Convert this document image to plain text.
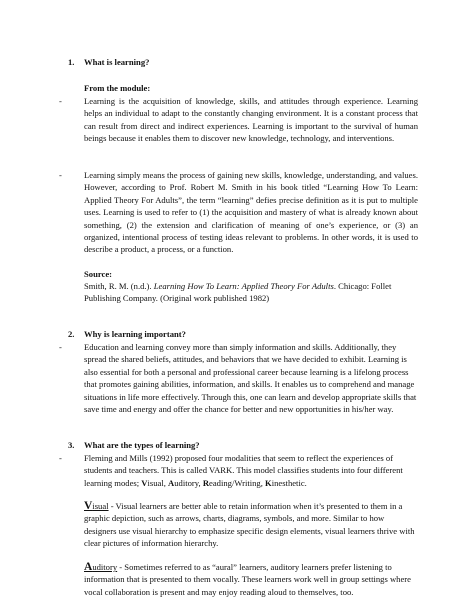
1. What is learning?
From the module:
-	Learning is the acquisition of knowledge, skills, and attitudes through experience. Learning helps an individual to adapt to the constantly changing environment. It is a constant process that can result from direct and indirect experiences. Learning is important to the survival of human beings because it enables them to discover new knowledge, technology, and interventions.
-	Learning simply means the process of gaining new skills, knowledge, understanding, and values. However, according to Prof. Robert M. Smith in his book titled “Learning How To Learn: Applied Theory For Adults”, the term “learning” defies precise definition as it is put to multiple uses. Learning is used to refer to (1) the acquisition and mastery of what is already known about something, (2) the extension and clarification of meaning of one’s experience, or (3) an organized, intentional process of testing ideas relevant to problems. In other words, it is used to describe a product, a process, or a function.
Source:
Smith, R. M. (n.d.). Learning How To Learn: Applied Theory For Adults. Chicago: Follet Publishing Company. (Original work published 1982)
2. Why is learning important?
-	Education and learning convey more than simply information and skills. Additionally, they spread the shared beliefs, attitudes, and behaviors that we have decided to exhibit. Learning is also essential for both a personal and professional career because learning is a lifelong process that promotes gaining abilities, information, and skills. It enables us to comprehend and manage situations in life more effectively. Through this, one can learn and develop appropriate skills that save time and energy and offer the chance for better and new opportunities in his/her way.
3. What are the types of learning?
-	Fleming and Mills (1992) proposed four modalities that seem to reflect the experiences of students and teachers. This is called VARK. This model classifies students into four different learning modes; Visual, Auditory, Reading/Writing, Kinesthetic.
Visual - Visual learners are better able to retain information when it’s presented to them in a graphic depiction, such as arrows, charts, diagrams, symbols, and more. Similar to how designers use visual hierarchy to emphasize specific design elements, visual learners thrive with clear pictures of information hierarchy.
Auditory - Sometimes referred to as “aural” learners, auditory learners prefer listening to information that is presented to them vocally. These learners work well in group settings where vocal collaboration is present and may enjoy reading aloud to themselves, too.
